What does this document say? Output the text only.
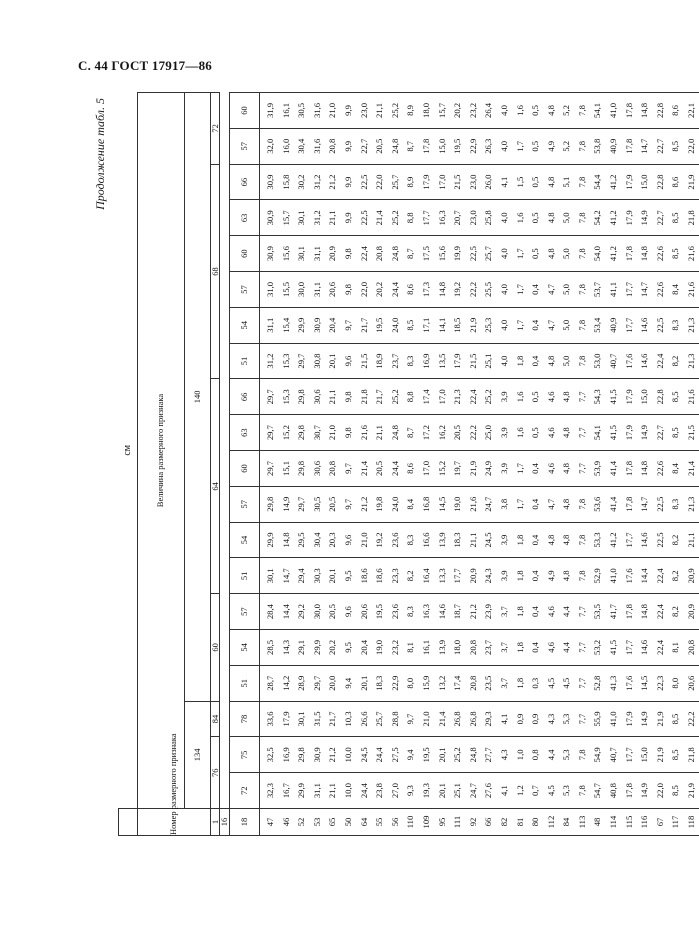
С. 44 ГОСТ 17917—86
Продолжение табл. 5
	см																			
Номер размерного признака	Величина размерного признака																			
	134			140																
1	76		84	60			64						68						72	
16																				
18	72	75	78	51	54	57	51	54	57	60	63	66	51	54	57	60	63	66	57	60
47	32,3	32,5	33,6	28,7	28,5	28,4	30,1	29,9	29,8	29,7	29,7	29,7	31,2	31,1	31,0	30,9	30,9	30,9	32,0	31,9
46	16,7	16,9	17,9	14,2	14,3	14,4	14,7	14,8	14,9	15,1	15,2	15,3	15,3	15,4	15,5	15,6	15,7	15,8	16,0	16,1
52	29,9	29,8	30,1	28,9	29,1	29,2	29,4	29,5	29,7	29,8	29,8	29,8	29,7	29,9	30,0	30,1	30,1	30,2	30,4	30,5
53	31,1	30,9	31,5	29,7	29,9	30,0	30,3	30,4	30,5	30,6	30,7	30,6	30,8	30,9	31,1	31,1	31,2	31,2	31,6	31,6
65	21,1	21,2	21,7	20,0	20,2	20,5	20,1	20,3	20,5	20,8	21,0	21,1	20,1	20,4	20,6	20,9	21,1	21,2	20,8	21,0
50	10,0	10,0	10,3	9,4	9,5	9,6	9,5	9,6	9,7	9,7	9,8	9,8	9,6	9,7	9,8	9,8	9,9	9,9	9,9	9,9
64	24,4	24,5	26,6	20,1	20,4	20,6	18,6	21,0	21,2	21,4	21,6	21,8	21,5	21,7	22,0	22,4	22,5	22,5	22,7	23,0
55	23,8	24,4	25,7	18,3	19,0	19,5	18,6	19,2	19,8	20,5	21,1	21,7	18,9	19,5	20,2	20,8	21,4	22,0	20,5	21,1
56	27,0	27,5	28,8	22,9	23,2	23,6	23,3	23,6	24,0	24,4	24,8	25,2	23,7	24,0	24,4	24,8	25,2	25,7	24,8	25,2
110	9,3	9,4	9,7	8,0	8,1	8,3	8,2	8,3	8,4	8,6	8,7	8,8	8,3	8,5	8,6	8,7	8,8	8,9	8,7	8,9
109	19,3	19,5	21,0	15,9	16,1	16,3	16,4	16,6	16,8	17,0	17,2	17,4	16,9	17,1	17,3	17,5	17,7	17,9	17,8	18,0
95	20,1	20,1	21,4	13,2	13,9	14,6	13,3	13,9	14,5	15,2	16,2	17,0	13,5	14,1	14,8	15,6	16,3	17,0	15,0	15,7
111	25,1	25,2	26,8	17,4	18,0	18,7	17,7	18,3	19,0	19,7	20,5	21,3	17,9	18,5	19,2	19,9	20,7	21,5	19,5	20,2
92	24,7	24,8	26,8	20,8	20,8	21,2	20,9	21,1	21,6	21,9	22,2	22,4	21,5	21,9	22,2	22,5	23,0	23,0	22,9	23,2
66	27,6	27,7	29,3	23,5	23,7	23,9	24,3	24,5	24,7	24,9	25,0	25,2	25,1	25,3	25,5	25,7	25,8	26,0	26,3	26,4
82	4,1	4,3	4,1	3,7	3,7	3,7	3,9	3,9	3,8	3,9	3,9	3,9	4,0	4,0	4,0	4,0	4,0	4,1	4,0	4,0
81	1,2	1,0	0,9	1,8	1,8	1,8	1,8	1,8	1,7	1,7	1,6	1,6	1,8	1,7	1,7	1,7	1,6	1,5	1,7	1,6
80	0,7	0,8	0,9	0,3	0,4	0,4	0,4	0,4	0,4	0,4	0,5	0,5	0,4	0,4	0,4	0,5	0,5	0,5	0,5	0,5
112	4,5	4,4	4,3	4,5	4,6	4,6	4,9	4,8	4,7	4,6	4,6	4,6	4,8	4,7	4,7	4,8	4,8	4,8	4,9	4,8
84	5,3	5,3	5,3	4,5	4,4	4,4	4,8	4,8	4,8	4,8	4,8	4,8	5,0	5,0	5,0	5,0	5,0	5,1	5,2	5,2
113	7,8	7,8	7,7	7,7	7,7	7,7	7,8	7,8	7,8	7,7	7,7	7,7	7,8	7,8	7,8	7,8	7,8	7,8	7,8	7,8
48	54,7	54,9	55,9	52,8	53,2	53,5	52,9	53,3	53,6	53,9	54,1	54,3	53,0	53,4	53,7	54,0	54,2	54,4	53,8	54,1
114	40,8	40,7	41,0	41,3	41,5	41,7	41,0	41,2	41,4	41,4	41,5	41,5	40,7	40,9	41,1	41,2	41,2	41,2	40,9	41,0
115	17,8	17,7	17,9	17,6	17,7	17,8	17,6	17,7	17,8	17,8	17,9	17,9	17,6	17,7	17,7	17,8	17,9	17,9	17,8	17,8
116	14,9	15,0	14,9	14,5	14,6	14,8	14,4	14,6	14,7	14,8	14,9	15,0	14,6	14,6	14,7	14,8	14,9	15,0	14,7	14,8
67	22,0	21,9	21,9	22,3	22,4	22,4	22,4	22,5	22,5	22,6	22,7	22,8	22,4	22,5	22,6	22,6	22,7	22,8	22,7	22,8
117	8,5	8,5	8,5	8,0	8,1	8,2	8,2	8,2	8,3	8,4	8,5	8,5	8,2	8,3	8,4	8,5	8,5	8,6	8,5	8,6
118	21,9	21,8	22,2	20,6	20,8	20,9	20,9	21,1	21,3	21,4	21,5	21,6	21,3	21,3	21,6	21,6	21,8	21,9	22,0	22,1
